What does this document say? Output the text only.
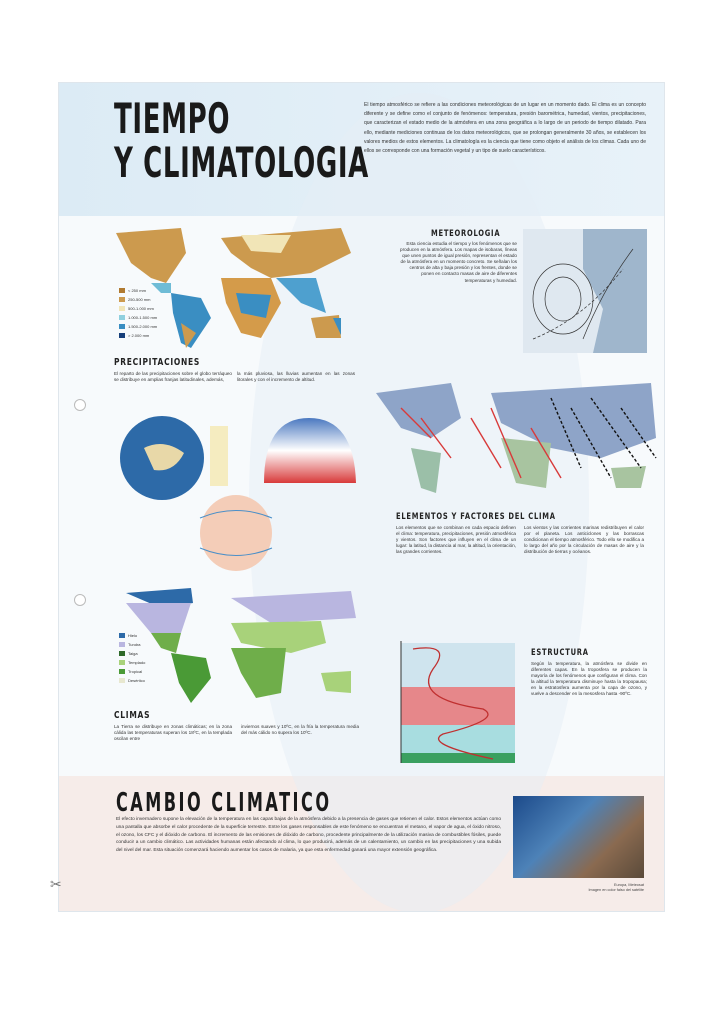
TIEMPO
Y CLIMATOLOGIA
El tiempo atmosférico se refiere a las condiciones meteorológicas de un lugar en un momento dado. El clima es un concepto diferente y se define como el conjunto de fenómenos: temperatura, presión barométrica, humedad, vientos, precipitaciones, que caracterizan el estado medio de la atmósfera en una zona geográfica a lo largo de un periodo de tiempo dilatado. Para ello, mediante mediciones continuas de los datos meteorológicos, que se prolongan generalmente 30 años, se establecen los valores medios de estos elementos. La climatología es la ciencia que tiene como objeto el análisis de los climas. Cada uno de ellos se corresponde con una formación vegetal y un tipo de suelo característicos.
< 250 mm
250-500 mm
500-1.000 mm
1.000-1.500 mm
1.500-2.000 mm
> 2.000 mm
METEOROLOGIA
Esta ciencia estudia el tiempo y los fenómenos que se producen en la atmósfera. Los mapas de isobaras, líneas que unen puntos de igual presión, representan el estado de la atmósfera en un momento concreto. Se señalan los centros de alta y baja presión y los frentes, donde se ponen en contacto masas de aire de diferentes temperaturas y humedad.
PRECIPITACIONES
El reparto de las precipitaciones sobre el globo terráqueo se distribuye en amplias franjas latitudinales, además,
la más pluviosa, las lluvias aumentan en las zonas litorales y con el incremento de altitud.
ELEMENTOS Y FACTORES DEL CLIMA
Los elementos que se combinan en cada espacio definen el clima: temperatura, precipitaciones, presión atmosférica y vientos. Son factores que influyen en el clima de un lugar: la latitud, la distancia al mar, la altitud, la orientación, las grandes corrientes.
Los vientos y las corrientes marinas redistribuyen el calor por el planeta. Los anticiclones y las borrascas condicionan el tiempo atmosférico. Todo ello se modifica a lo largo del año por la circulación de masas de aire y la distribución de tierras y océanos.
Hielo
Tundra
Taiga
Templado
Tropical
Desértico
CLIMAS
La Tierra se distribuye en zonas climáticas; en la zona cálida las temperaturas superan los 18ºC, en la templada oscilan entre
inviernos suaves y 10ºC, en la fría la temperatura media del más cálido no supera los 10ºC.
ESTRUCTURA
Según la temperatura, la atmósfera se divide en diferentes capas. En la troposfera se producen la mayoría de los fenómenos que configuran el clima. Con la altitud la temperatura disminuye hasta la tropopausa; en la estratosfera aumenta por la capa de ozono, y vuelve a descender en la mesosfera hasta -90ºC.
CAMBIO CLIMATICO
El efecto invernadero supone la elevación de la temperatura en las capas bajas de la atmósfera debido a la presencia de gases que retienen el calor. Estos elementos actúan como una pantalla que absorbe el calor procedente de la superficie terrestre. Entre los gases responsables de este fenómeno se encuentran el metano, el vapor de agua, el óxido nitroso, el ozono, los CFC y el dióxido de carbono. El incremento de las emisiones de dióxido de carbono, procedente principalmente de la utilización masiva de combustibles fósiles, puede conducir a un cambio climático. Las actividades humanas están afectando al clima, lo que producirá, además de un calentamiento, un cambio en las precipitaciones y una subida del nivel del mar. Esta situación comenzará haciendo aumentar los casos de malaria, ya que esta enfermedad ganará una mayor extensión geográfica.
Europa, Meteosat
Imagen en color falso del satélite
✂
